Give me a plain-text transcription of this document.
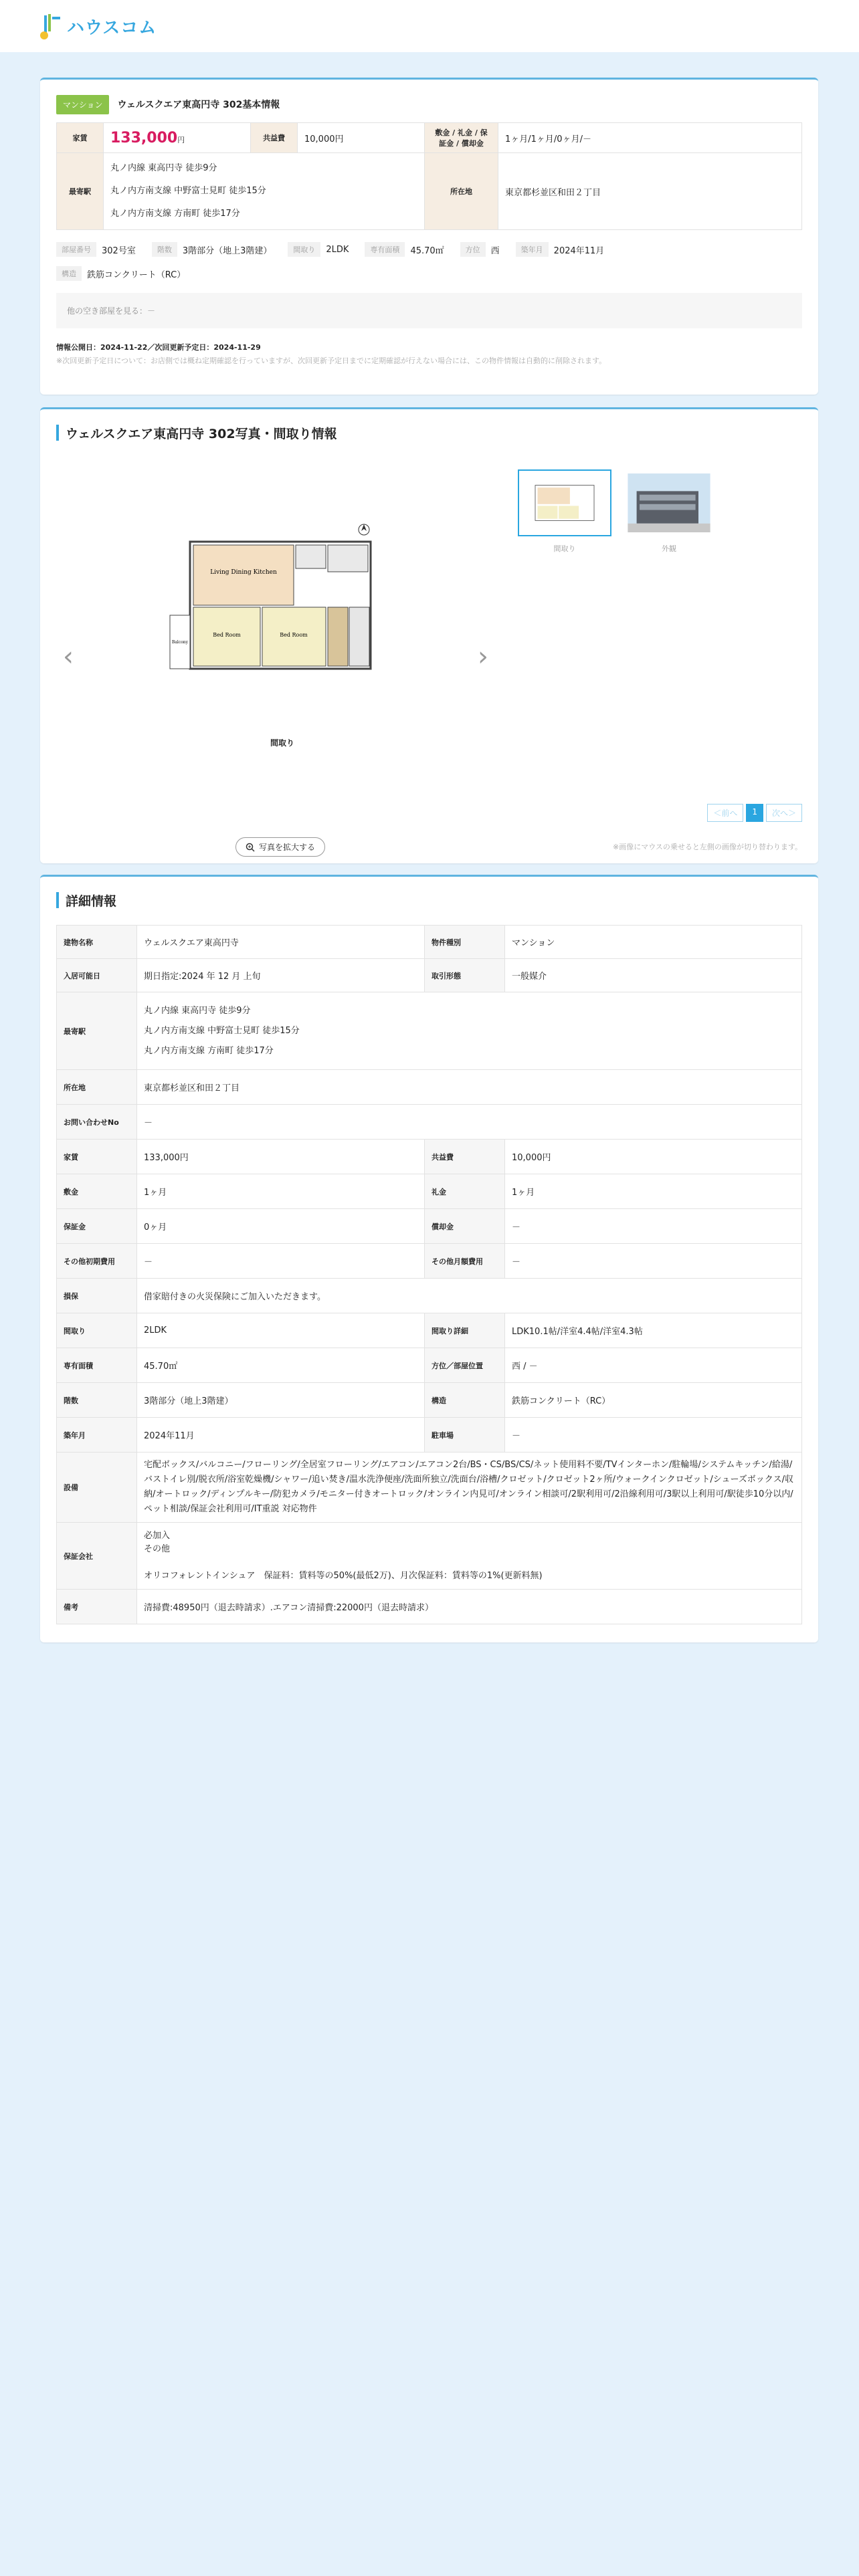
ハウスコム
マンション	ウェルスクエア東高円寺 302基本情報
家賃	133,000円	共益費	10,000円	敷金 / 礼金 / 保証金 / 償却金	1ヶ月/1ヶ月/0ヶ月/－
最寄駅	丸ノ内線 東高円寺 徒歩9分
丸ノ内方南支線 中野富士見町 徒歩15分
丸ノ内方南支線 方南町 徒歩17分			所在地	東京都杉並区和田２丁目
部屋番号	302号室	階数	3階部分（地上3階建）	間取り	2LDK	専有面積	45.70㎡	方位	西	築年月	2024年11月
構造	鉄筋コンクリート（RC）
他の空き部屋を見る：－
情報公開日：2024-11-22／次回更新予定日：2024-11-29
※次回更新予定日について：お店側では概ね定期確認を行っていますが、次回更新予定日までに定期確認が行えない場合には、この物件情報は自動的に削除されます。
ウェルスクエア東高円寺 302写真・間取り情報
‹
Living Dining Kitchen
Bed Room	Bed Room
Balcony	›
間取り
間取り	外観
＜前へ	1	次へ＞
写真を拡大する	※画像にマウスの乗せると左側の画像が切り替わります。
詳細情報
建物名称	ウェルスクエア東高円寺	物件種別	マンション
入居可能日	期日指定:2024 年 12 月 上旬	取引形態	一般媒介
最寄駅	丸ノ内線 東高円寺 徒歩9分
丸ノ内方南支線 中野富士見町 徒歩15分
丸ノ内方南支線 方南町 徒歩17分		

所在地	東京都杉並区和田２丁目		
お問い合わせNo	－		
家賃	133,000円	共益費	10,000円
敷金	1ヶ月	礼金	1ヶ月
保証金	0ヶ月	償却金	－
その他初期費用	－	その他月額費用	－
損保	借家賠付きの火災保険にご加入いただきます。		
間取り	2LDK	間取り詳細	LDK10.1帖/洋室4.4帖/洋室4.3帖
専有面積	45.70㎡	方位／部屋位置	西 / －
階数	3階部分（地上3階建）	構造	鉄筋コンクリート（RC）
築年月	2024年11月	駐車場	－
設備	宅配ボックス/バルコニー/フローリング/全居室フローリング/エアコン/エアコン2台/BS・CS/BS/CS/ネット使用料不要/TVインターホン/駐輪場/システムキッチン/給湯/バストイレ別/脱衣所/浴室乾燥機/シャワー/追い焚き/温水洗浄便座/洗面所独立/洗面台/浴槽/クロゼット/クロゼット2ヶ所/ウォークインクロゼット/シューズボックス/収納/オートロック/ディンプルキー/防犯カメラ/モニター付きオートロック/オンライン内見可/オンライン相談可/2駅利用可/2沿線利用可/3駅以上利用可/駅徒歩10分以内/ペット相談/保証会社利用可/IT重説 対応物件		
保証会社	必加入
その他
オリコフォレントインシュア　保証料：賃料等の50%(最低2万)、月次保証料：賃料等の1%(更新料無)		

備考	清掃費:48950円（退去時請求）.エアコン清掃費:22000円（退去時請求）		
